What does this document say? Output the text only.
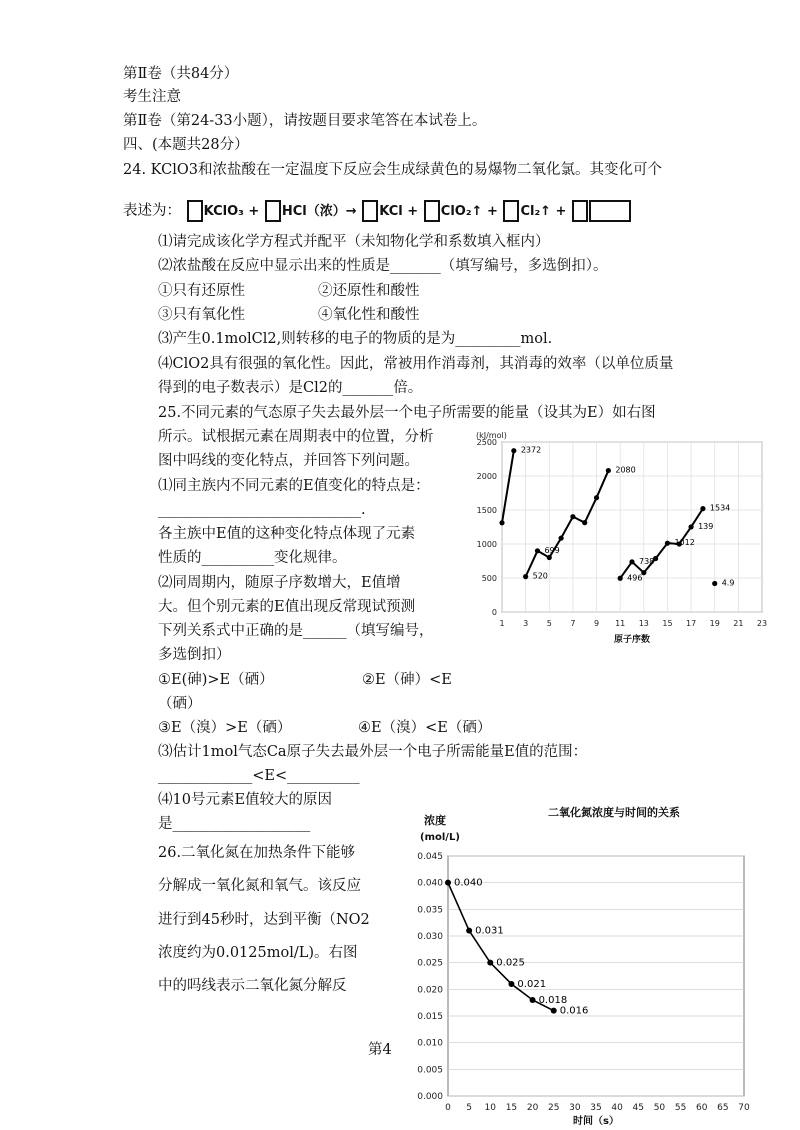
第Ⅱ卷（共84分）
考生注意
第Ⅱ卷（第24-33小题），请按题目要求笔答在本试卷上。
四、(本题共28分）
24. KClO3和浓盐酸在一定温度下反应会生成绿黄色的易爆物二氧化氯。其变化可个
表述为： KClO₃ + HCl（浓）→ KCl + ClO₂↑ + Cl₂↑ +
⑴请完成该化学方程式并配平（未知物化学和系数填入框内）
⑵浓盐酸在反应中显示出来的性质是_______（填写编号，多选倒扣）。
①只有还原性	②还原性和酸性
③只有氧化性	④氧化性和酸性
⑶产生0.1molCl2,则转移的电子的物质的是为_________mol.
⑷ClO2具有很强的氧化性。因此，常被用作消毒剂，其消毒的效率（以单位质量
得到的电子数表示）是Cl2的_______倍。
25.不同元素的气态原子失去最外层一个电子所需要的能量（设其为E）如右图
所示。试根据元素在周期表中的位置，分析
图中吗线的变化特点，并回答下列问题。
⑴同主族内不同元素的E值变化的特点是：
____________________________.
各主族中E值的这种变化特点体现了元素
性质的__________变化规律。
⑵同周期内，随原子序数增大，E值增
大。但个别元素的E值出现反常现试预测
下列关系式中正确的是______（填写编号，
多选倒扣）
①E(砷)>E（硒）	②E（砷）<E
（硒）
③E（溴）>E（硒）	④E（溴）<E（硒）
⑶估计1mol气态Ca原子失去最外层一个电子所需能量E值的范围：
_____________<E<__________
⑷10号元素E值较大的原因
是___________________
26.二氧化氮在加热条件下能够
分解成一氧化氮和氧气。该反应
进行到45秒时，达到平衡（NO2
浓度约为0.0125mol/L)。右图
中的吗线表示二氧化氮分解反
第4
0
500
1000
1500
2000
2500
1 3 5 7 9 11 13 15 17 19 21 23
2372
2080
699
520
738
1012
139
1534
496
4.9
(kJ/mol)
原子序数
0.000
0.005
0.010
0.015
0.020
0.025
0.030
0.035
0.040
0.045
0 5 10 15 20 25 30 35 40 45 50 55 60 65 70
0.040
0.031
0.025
0.021
0.018
0.016
二氧化氮浓度与时间的关系
浓度
(mol/L)
时间（s）
